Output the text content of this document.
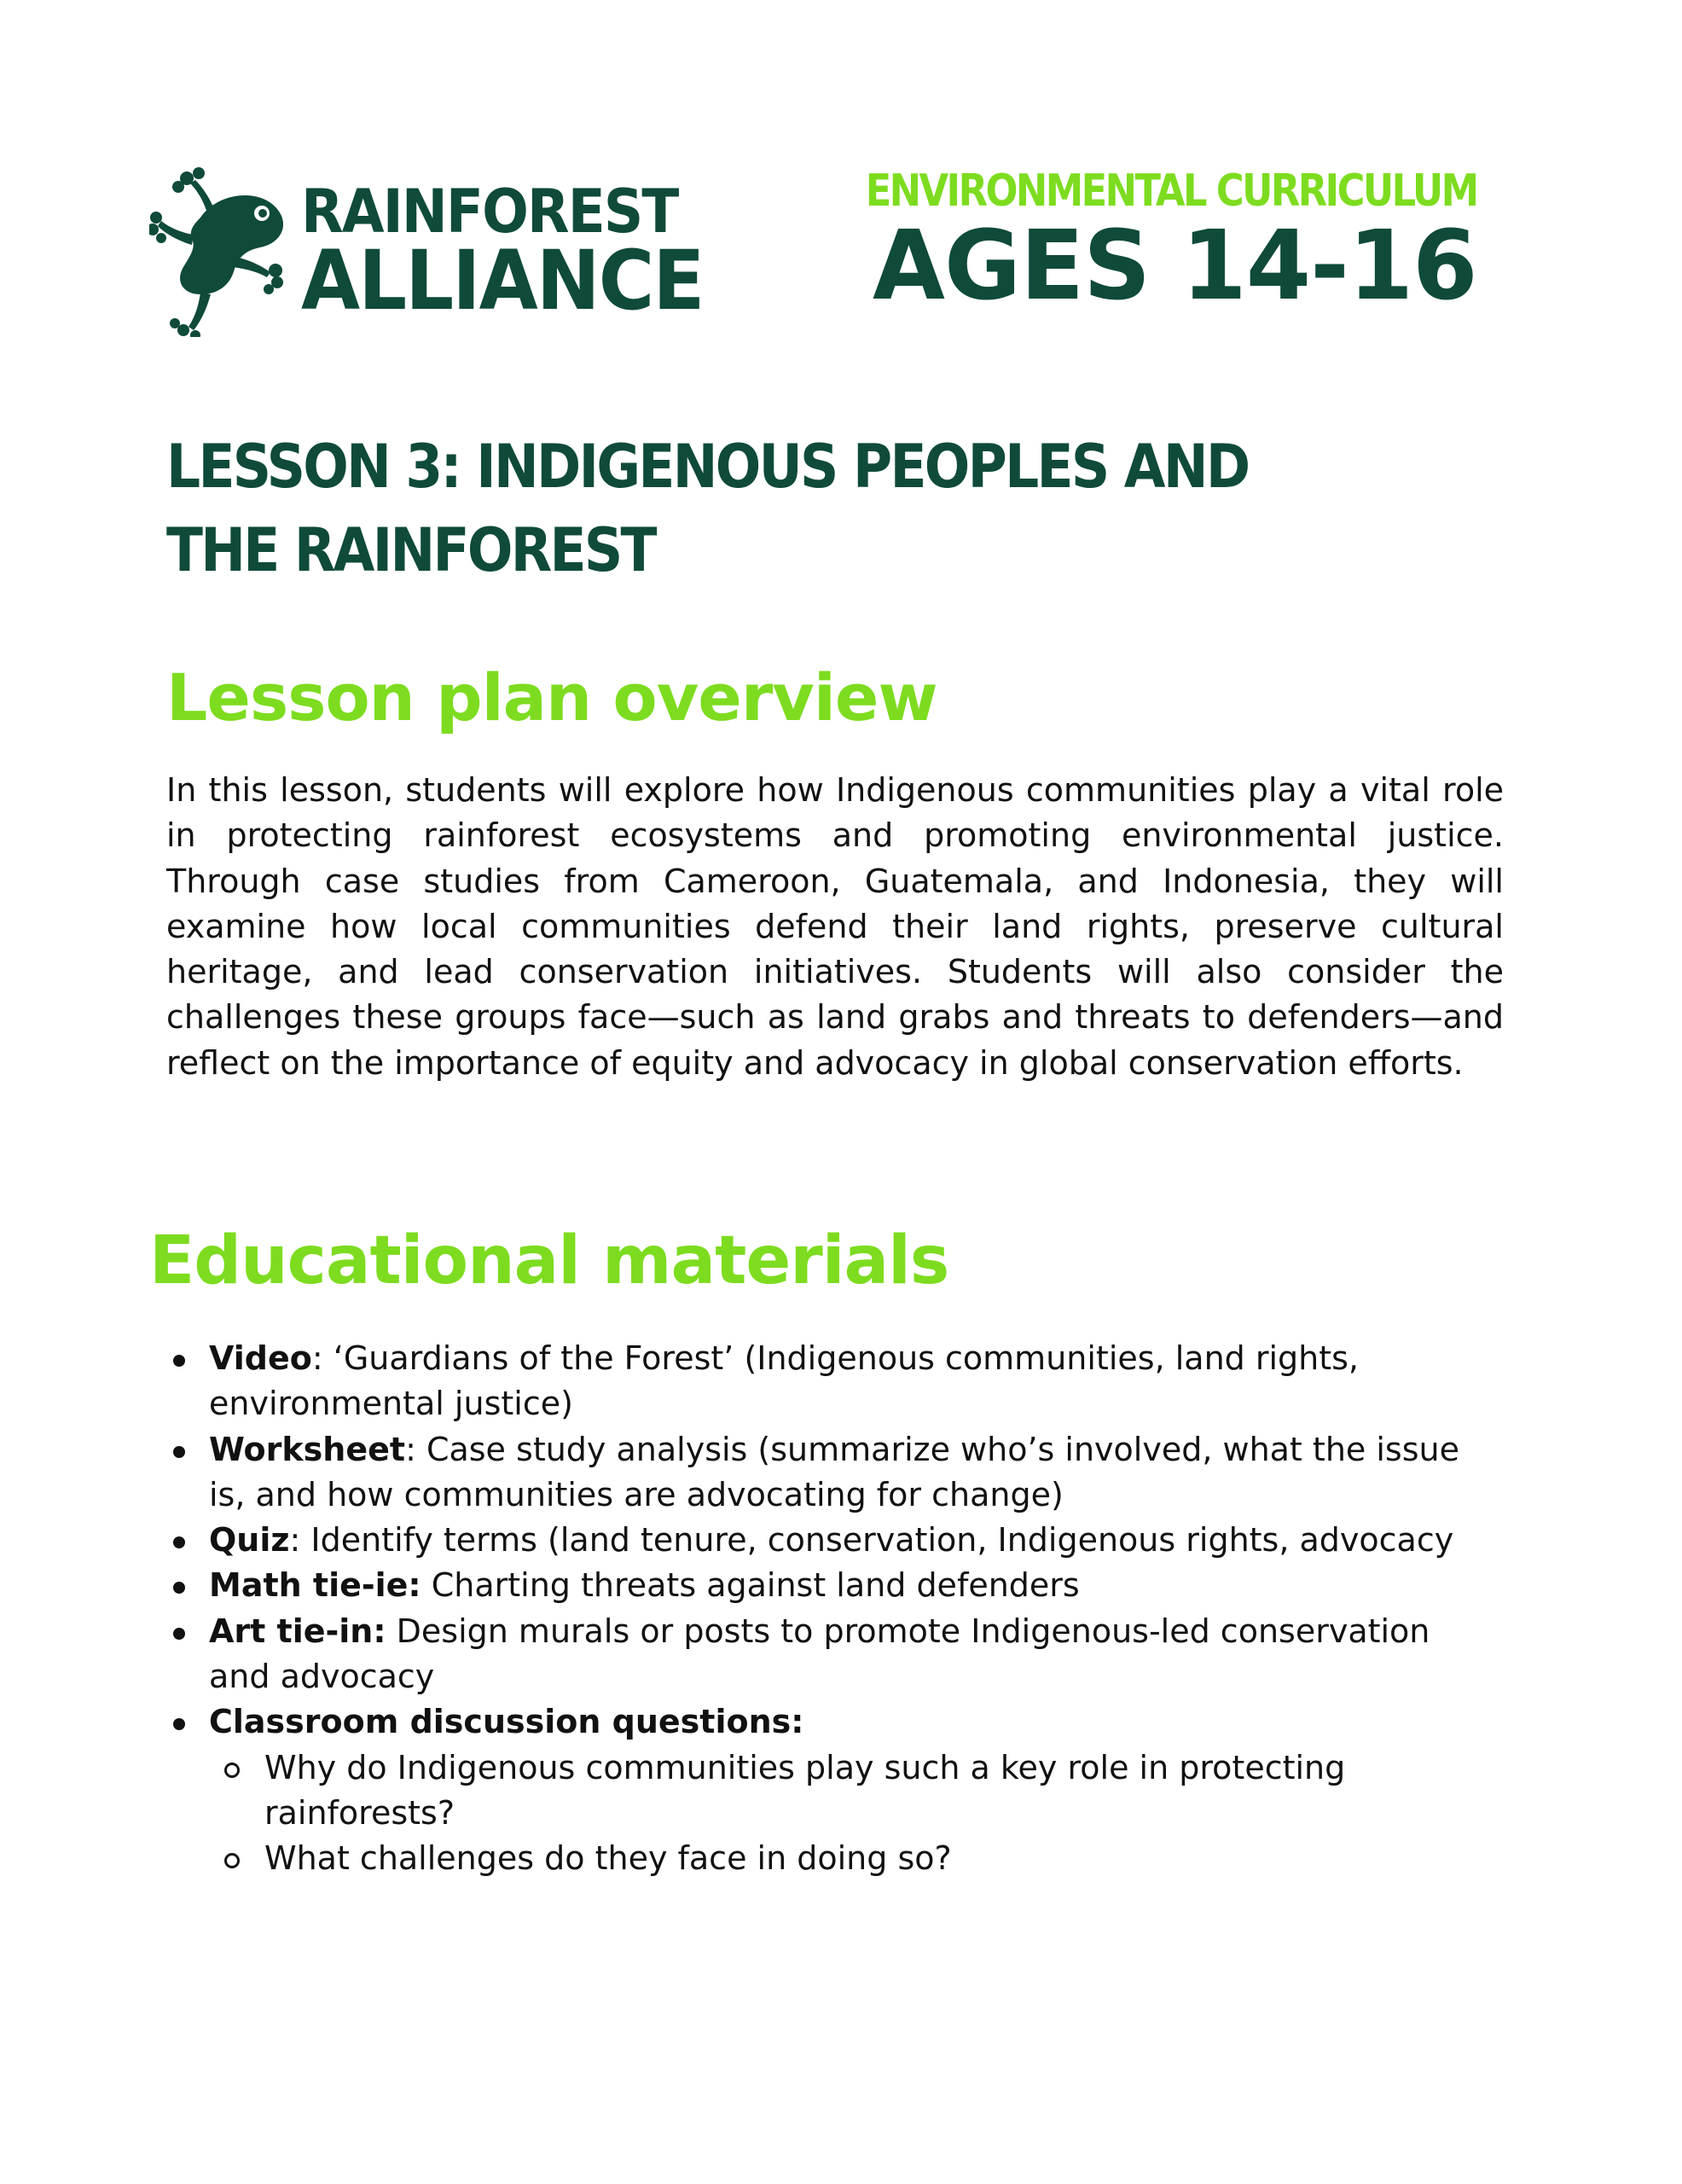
RAINFOREST
ALLIANCE
ENVIRONMENTAL CURRICULUM
AGES 14-16
LESSON 3: INDIGENOUS PEOPLES AND THE RAINFOREST
Lesson plan overview

In this lesson, students will explore how Indigenous communities play a vital role in protecting rainforest ecosystems and promoting environmental justice. Through case studies from Cameroon, Guatemala, and Indonesia, they will examine how local communities defend their land rights, preserve cultural heritage, and lead conservation initiatives. Students will also consider the challenges these groups face—such as land grabs and threats to defenders—and reflect on the importance of equity and advocacy in global conservation efforts.

Educational materials
Video: ‘Guardians of the Forest’ (Indigenous communities, land rights, environmental justice)
Worksheet: Case study analysis (summarize who’s involved, what the issue is, and how communities are advocating for change)
Quiz: Identify terms (land tenure, conservation, Indigenous rights, advocacy
Math tie-ie: Charting threats against land defenders
Art tie-in: Design murals or posts to promote Indigenous-led conservation and advocacy
Classroom discussion questions:
Why do Indigenous communities play such a key role in protecting rainforests?
What challenges do they face in doing so?
